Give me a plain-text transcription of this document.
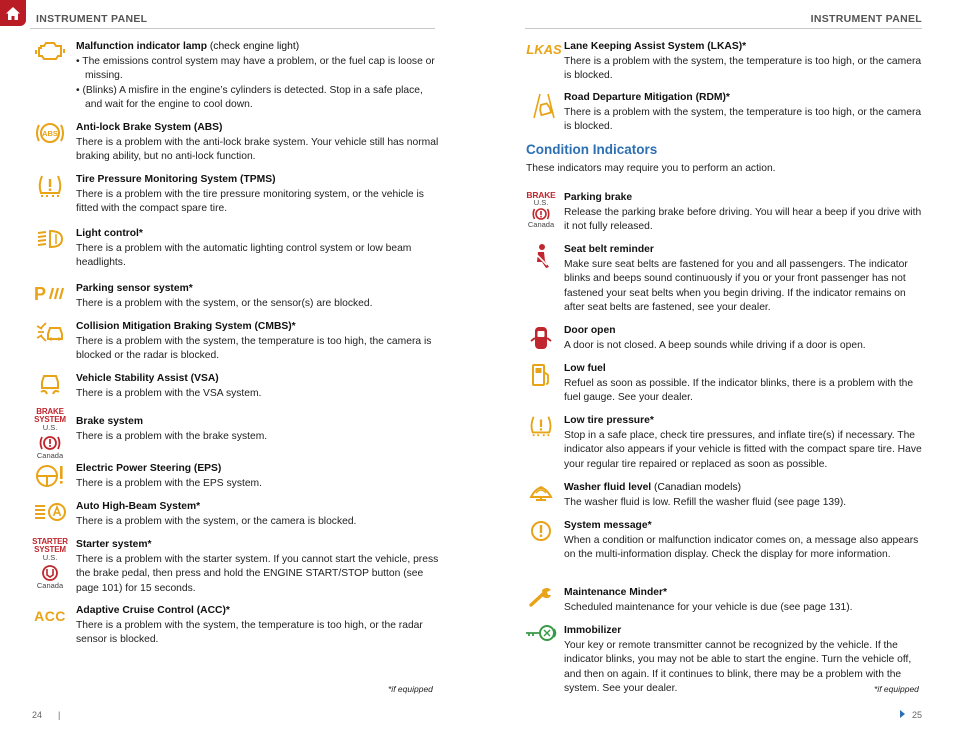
INSTRUMENT PANEL	INSTRUMENT PANEL
Malfunction indicator lamp (check engine light)
• The emissions control system may have a problem, or the fuel cap is loose or missing.
• (Blinks) A misfire in the engine’s cylinders is detected. Stop in a safe place, and wait for the engine to cool down.
ABS
Anti-lock Brake System (ABS)
There is a problem with the anti-lock brake system. Your vehicle still has normal braking ability, but no anti-lock function.
Tire Pressure Monitoring System (TPMS)
There is a problem with the tire pressure monitoring system, or the vehicle is fitted with the compact spare tire.
Light control*
There is a problem with the automatic lighting control system or low beam headlights.
P	Parking sensor system*
There is a problem with the system, or the sensor(s) are blocked.
Collision Mitigation Braking System (CMBS)*
There is a problem with the system, the temperature is too high, the camera is blocked or the radar is blocked.
Vehicle Stability Assist (VSA)
There is a problem with the VSA system.
BRAKE
SYSTEM
U.S.
Canada
Brake system
There is a problem with the brake system.
Electric Power Steering (EPS)
There is a problem with the EPS system.
Auto High-Beam System*
There is a problem with the system, or the camera is blocked.
STARTER
SYSTEM
U.S.
Canada
Starter system*
There is a problem with the starter system. If you cannot start the vehicle, press the brake pedal, then press and hold the ENGINE START/STOP button (see page 101) for 15 seconds.
ACC Adaptive Cruise Control (ACC)*
There is a problem with the system, the temperature is too high, or the radar sensor is blocked.
*if equipped
LKAS Lane Keeping Assist System (LKAS)*
There is a problem with the system, the temperature is too high, or the camera is blocked.
Road Departure Mitigation (RDM)*
There is a problem with the system, the temperature is too high, or the camera is blocked.
Condition Indicators
These indicators may require you to perform an action.
BRAKE
U.S.
Canada
Parking brake
Release the parking brake before driving. You will hear a beep if you drive with it not fully released.
Seat belt reminder
Make sure seat belts are fastened for you and all passengers. The indicator blinks and beeps sound continuously if you or your front passenger has not fastened your seat belts when you begin driving. If the indicator remains on after seat belts are fastened, see your dealer.
Door open
A door is not closed. A beep sounds while driving if a door is open.
Low fuel
Refuel as soon as possible. If the indicator blinks, there is a problem with the fuel gauge. See your dealer.
Low tire pressure*
Stop in a safe place, check tire pressures, and inflate tire(s) if necessary. The indicator also appears if your vehicle is fitted with the compact spare tire. Have your regular tire repaired or replaced as soon as possible.
Washer fluid level (Canadian models)
The washer fluid is low. Refill the washer fluid (see page 139).
System message*
When a condition or malfunction indicator comes on, a message also appears on the multi-information display. Check the display for more information.
Maintenance Minder*
Scheduled maintenance for your vehicle is due (see page 131).
Immobilizer
Your key or remote transmitter cannot be recognized by the vehicle. If the indicator blinks, you may not be able to start the engine. Turn the vehicle off, and then on again. If it continues to blink, there may be a problem with the system. See your dealer.	*if equipped
24 |	25
